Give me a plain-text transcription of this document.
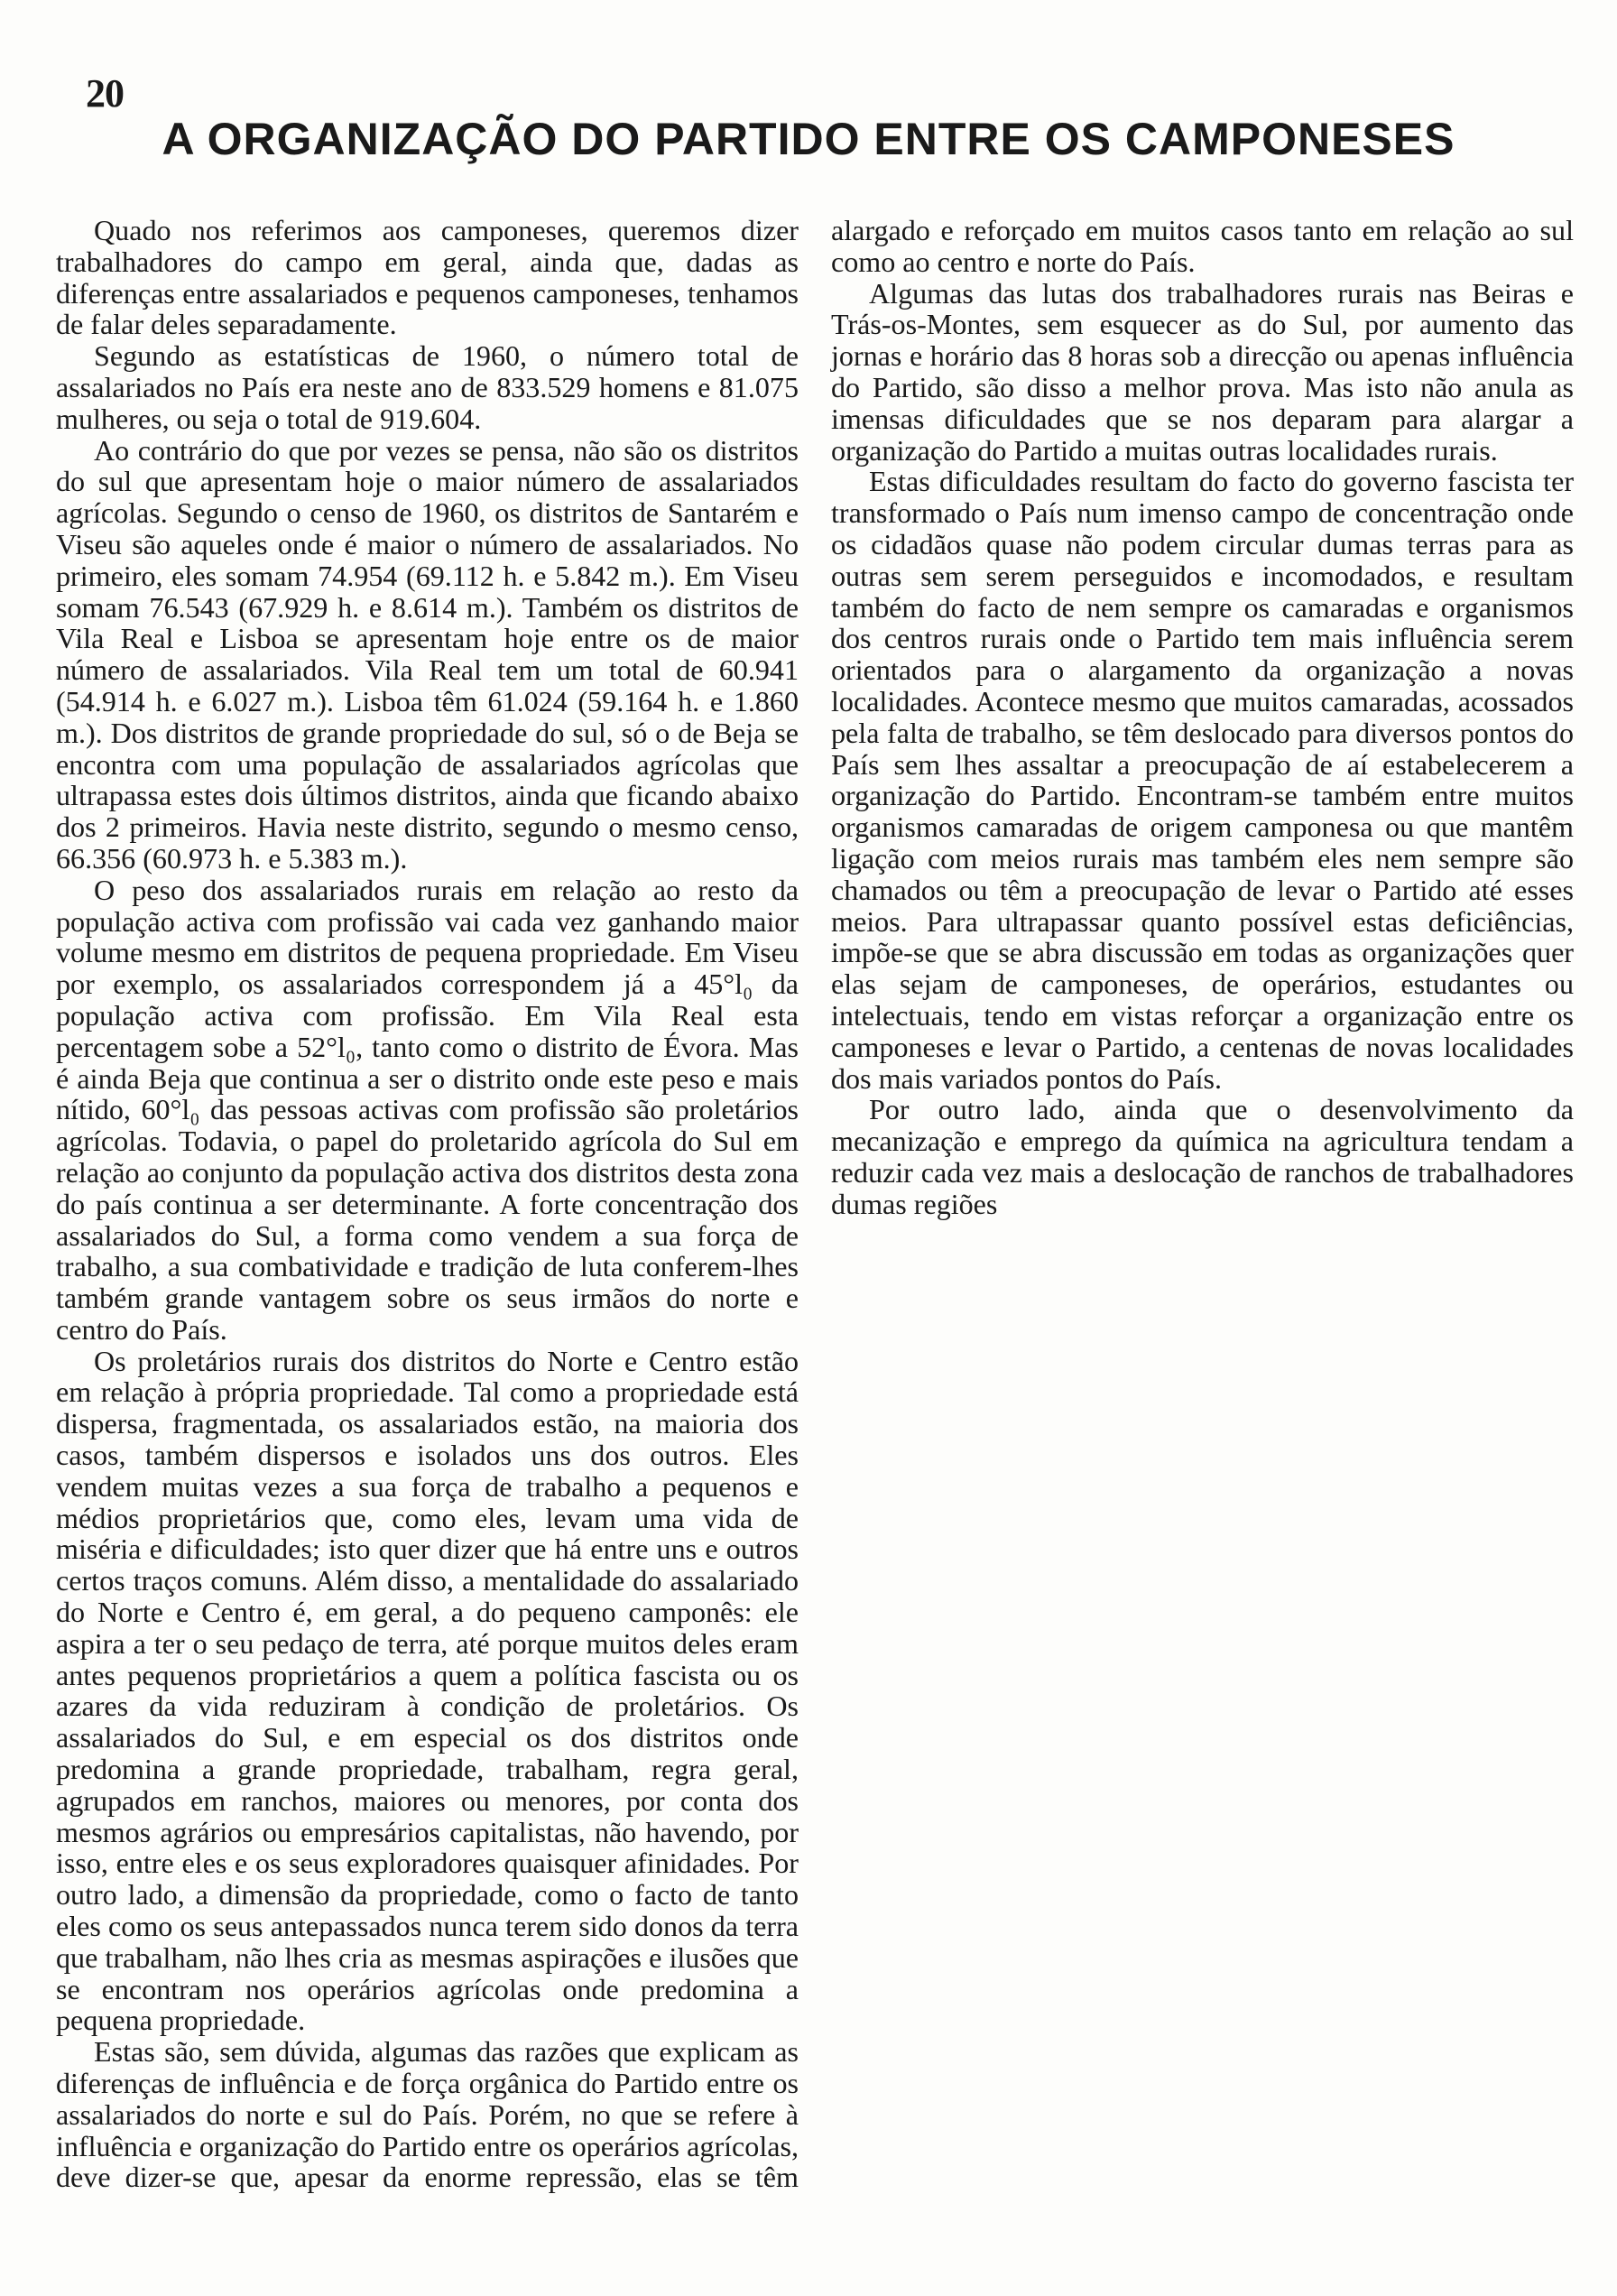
20
A ORGANIZAÇÃO DO PARTIDO ENTRE OS CAMPONESES

Quado nos referimos aos camponeses, queremos dizer trabalhadores do campo em geral, ainda que, dadas as diferenças entre assalariados e pequenos camponeses, tenhamos de falar deles separadamente.

Segundo as estatísticas de 1960, o número total de assalariados no País era neste ano de 833.529 homens e 81.075 mulheres, ou seja o total de 919.604.

Ao contrário do que por vezes se pensa, não são os distritos do sul que apresentam hoje o maior número de assalariados agrícolas. Segundo o censo de 1960, os distritos de Santarém e Viseu são aqueles onde é maior o número de assalariados. No primeiro, eles somam 74.954 (69.112 h. e 5.842 m.). Em Viseu somam 76.543 (67.929 h. e 8.614 m.). Também os distritos de Vila Real e Lisboa se apresentam hoje entre os de maior número de assalariados. Vila Real tem um total de 60.941 (54.914 h. e 6.027 m.). Lisboa têm 61.024 (59.164 h. e 1.860 m.). Dos distritos de grande propriedade do sul, só o de Beja se encontra com uma população de assalariados agrícolas que ultrapassa estes dois últimos distritos, ainda que ficando abaixo dos 2 primeiros. Havia neste distrito, segundo o mesmo censo, 66.356 (60.973 h. e 5.383 m.).

O peso dos assalariados rurais em relação ao resto da população activa com profissão vai cada vez ganhando maior volume mesmo em distritos de pequena propriedade. Em Viseu por exemplo, os assalariados correspondem já a 45°l₀ da população activa com profissão. Em Vila Real esta percentagem sobe a 52°l₀, tanto como o distrito de Évora. Mas é ainda Beja que continua a ser o distrito onde este peso e mais nítido, 60°l₀ das pessoas activas com profissão são proletários agrícolas. Todavia, o papel do proletarido agrícola do Sul em relação ao conjunto da população activa dos distritos desta zona do país continua a ser determinante. A forte concentração dos assalariados do Sul, a forma como vendem a sua força de trabalho, a sua combatividade e tradição de luta conferem-lhes também grande vantagem sobre os seus irmãos do norte e centro do País.

Os proletários rurais dos distritos do Norte e Centro estão em relação à própria propriedade. Tal como a propriedade está dispersa, fragmentada, os assalariados estão, na maioria dos casos, também dispersos e isolados uns dos outros. Eles vendem muitas vezes a sua força de trabalho a pequenos e médios proprietários que, como eles, levam uma vida de miséria e dificuldades; isto quer dizer que há entre uns e outros certos traços comuns. Além disso, a mentalidade do assalariado do Norte e Centro é, em geral, a do pequeno camponês: ele aspira a ter o seu pedaço de terra, até porque muitos deles eram antes pequenos proprietários a quem a política fascista ou os azares da vida reduziram à condição de proletários. Os assalariados do Sul, e em especial os dos distritos onde predomina a grande propriedade, trabalham, regra geral, agrupados em ranchos, maiores ou menores, por conta dos mesmos agrários ou empresários capitalistas, não havendo, por isso, entre eles e os seus exploradores quaisquer afinidades. Por outro lado, a dimensão da propriedade, como o facto de tanto eles como os seus antepassados nunca terem sido donos da terra que trabalham, não lhes cria as mesmas aspirações e ilusões que se encontram nos operários agrícolas onde predomina a pequena propriedade.

Estas são, sem dúvida, algumas das razões que explicam as diferenças de influência e de força orgânica do Partido entre os assalariados do norte e sul do País. Porém, no que se refere à influência e organização do Partido entre os operários agrícolas, deve dizer-se que, apesar da enorme repressão, elas se têm alargado e reforçado em muitos casos tanto em relação ao sul como ao centro e norte do País.

Algumas das lutas dos trabalhadores rurais nas Beiras e Trás-os-Montes, sem esquecer as do Sul, por aumento das jornas e horário das 8 horas sob a direcção ou apenas influência do Partido, são disso a melhor prova. Mas isto não anula as imensas dificuldades que se nos deparam para alargar a organização do Partido a muitas outras localidades rurais.

Estas dificuldades resultam do facto do governo fascista ter transformado o País num imenso campo de concentração onde os cidadãos quase não podem circular dumas terras para as outras sem serem perseguidos e incomodados, e resultam também do facto de nem sempre os camaradas e organismos dos centros rurais onde o Partido tem mais influência serem orientados para o alargamento da organização a novas localidades. Acontece mesmo que muitos camaradas, acossados pela falta de trabalho, se têm deslocado para diversos pontos do País sem lhes assaltar a preocupação de aí estabelecerem a organização do Partido. Encontram-se também entre muitos organismos camaradas de origem camponesa ou que mantêm ligação com meios rurais mas também eles nem sempre são chamados ou têm a preocupação de levar o Partido até esses meios. Para ultrapassar quanto possível estas deficiências, impõe-se que se abra discussão em todas as organizações quer elas sejam de camponeses, de operários, estudantes ou intelectuais, tendo em vistas reforçar a organização entre os camponeses e levar o Partido, a centenas de novas localidades dos mais variados pontos do País.

Por outro lado, ainda que o desenvolvimento da mecanização e emprego da química na agricultura tendam a reduzir cada vez mais a deslocação de ranchos de trabalhadores dumas regiões
